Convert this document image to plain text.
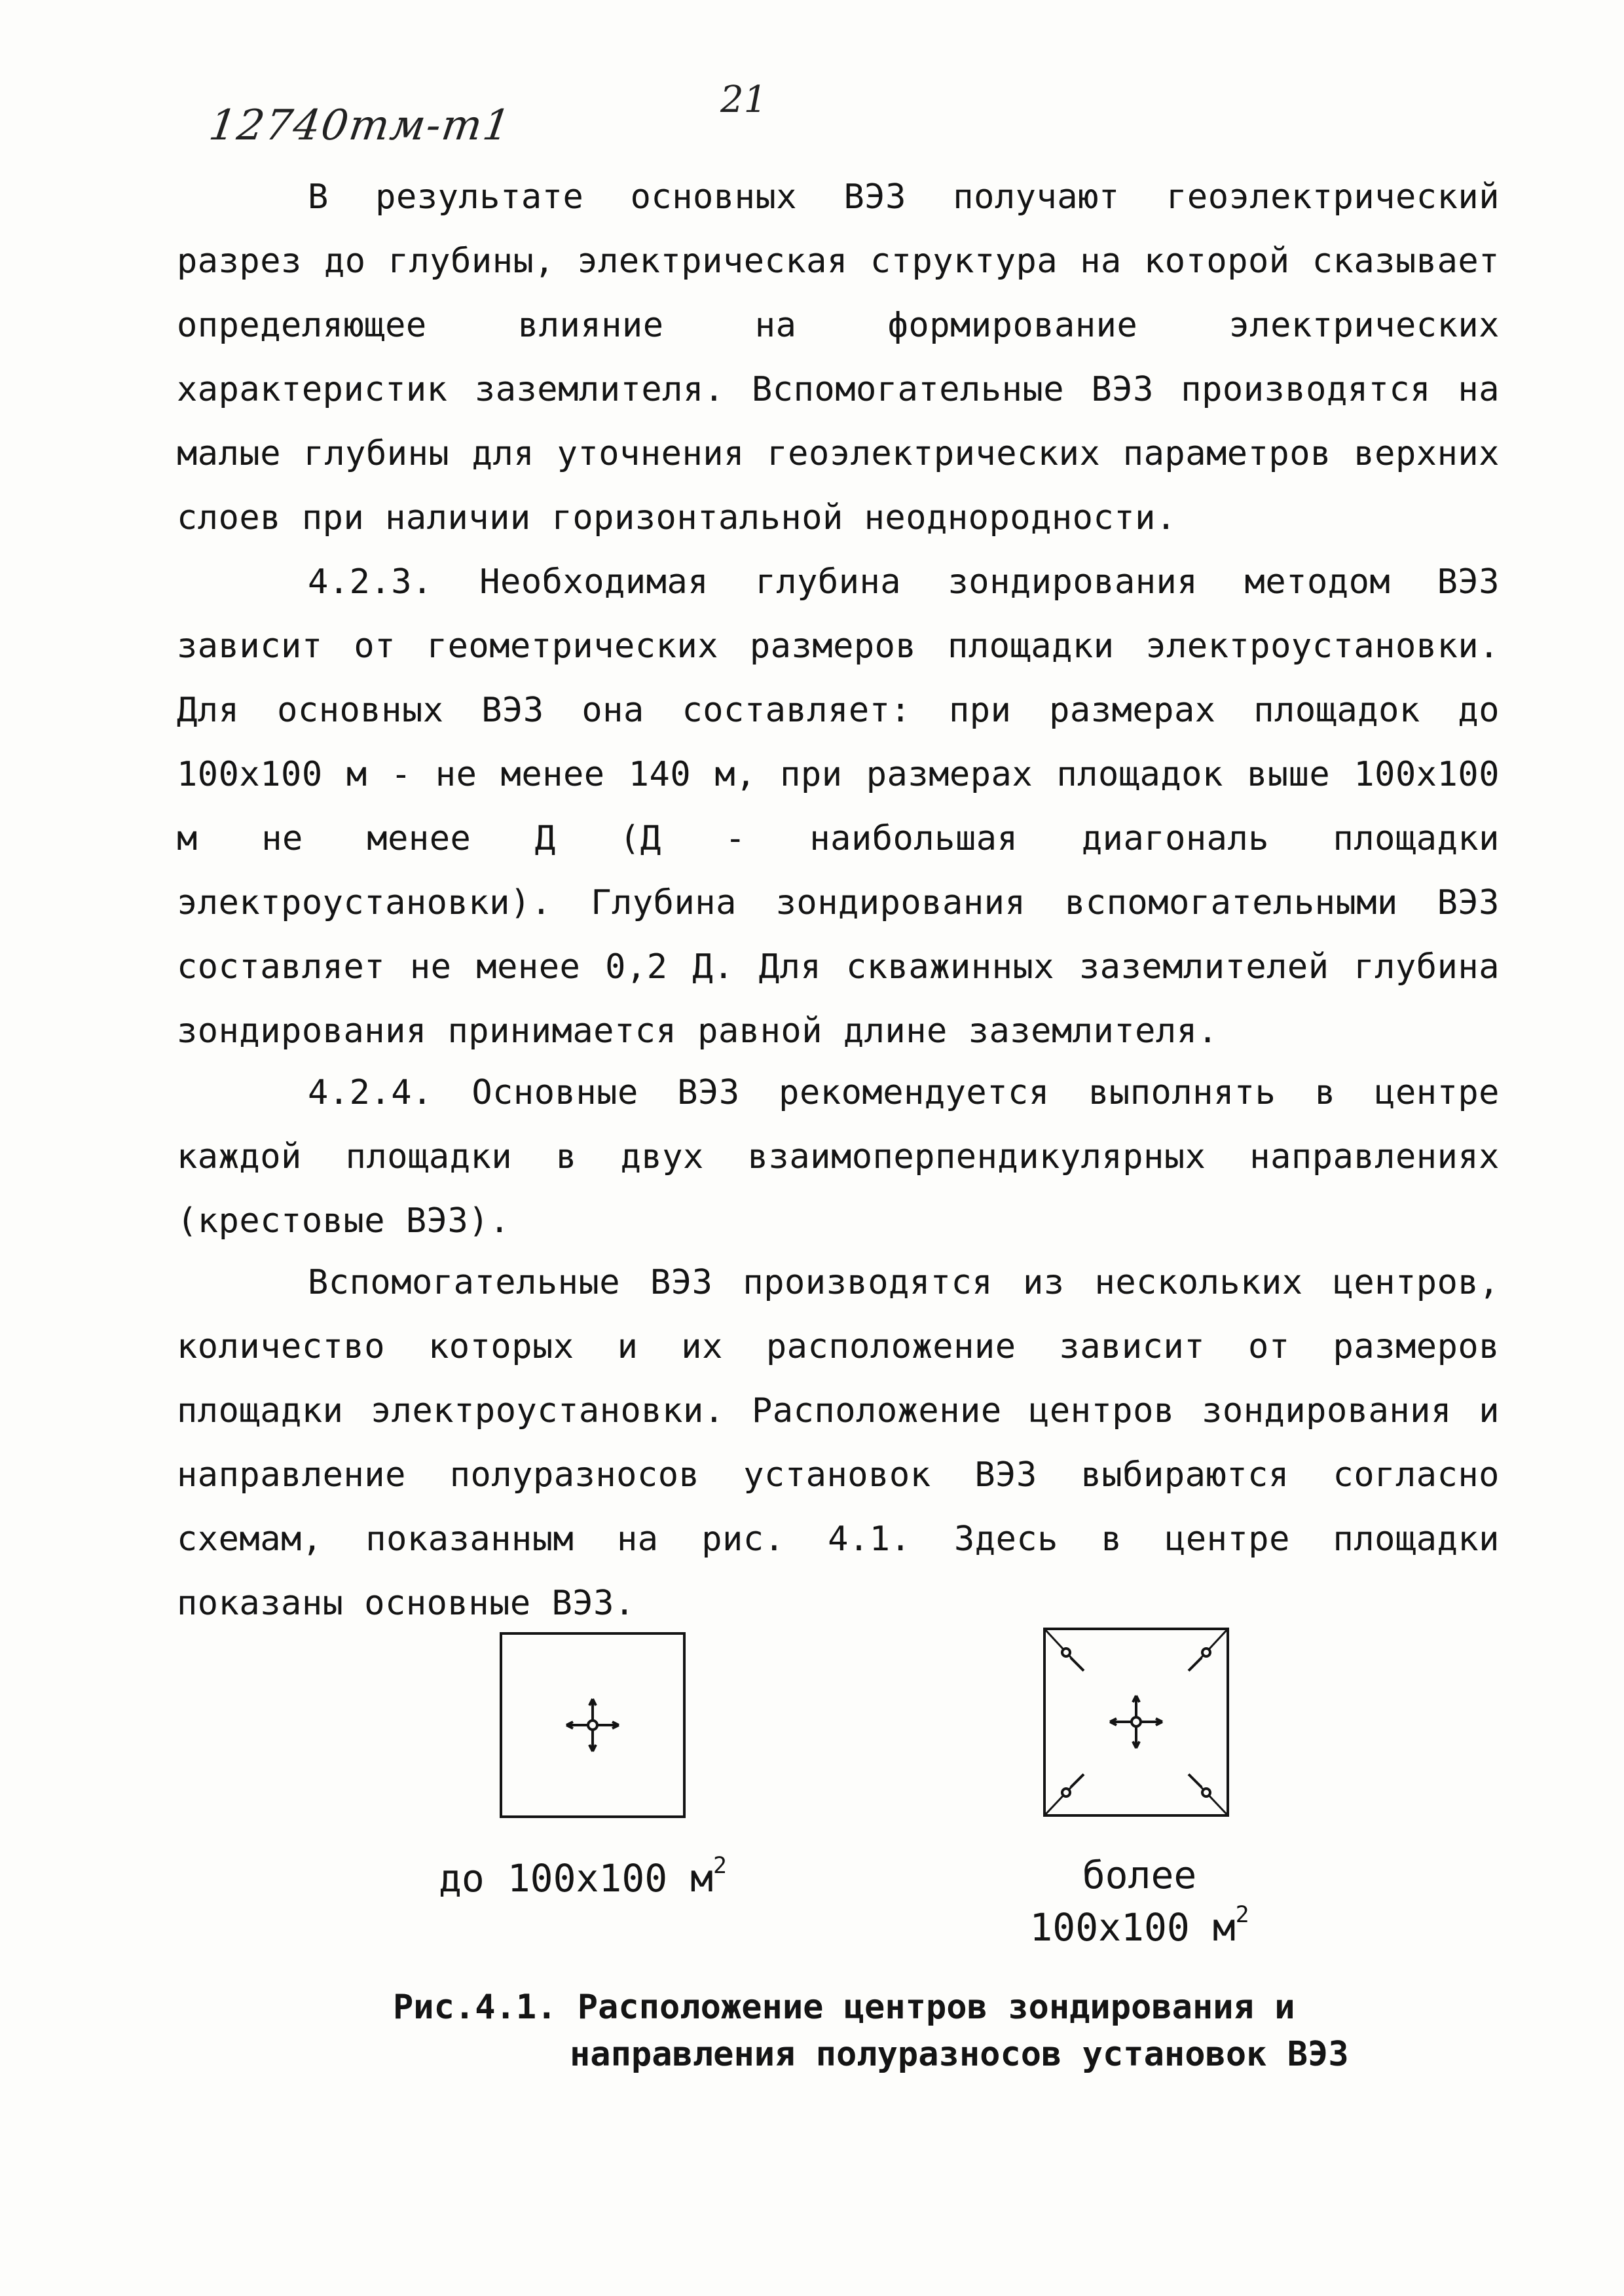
12740тм-т1
21

В результате основных ВЭЗ получают геоэлектрический разрез до глубины, электрическая структура на которой сказывает определяющее влияние на формирование электрических характеристик заземлителя. Вспомогательные ВЭЗ производятся на малые глубины для уточнения геоэлектрических параметров верхних слоев при наличии горизонтальной неоднородности.

4.2.3. Необходимая глубина зондирования методом ВЭЗ зависит от геометрических размеров площадки электроустановки. Для основных ВЭЗ она составляет: при размерах площадок до 100х100 м - не менее 140 м, при размерах площадок выше 100х100 м не менее Д (Д - наибольшая диагональ площадки электроустановки). Глубина зондирования вспомогательными ВЭЗ составляет не менее 0,2 Д. Для скважинных заземлителей глубина зондирования принимается равной длине заземлителя.

4.2.4. Основные ВЭЗ рекомендуется выполнять в центре каждой площадки в двух взаимоперпендикулярных направлениях (крестовые ВЭЗ).

Вспомогательные ВЭЗ производятся из нескольких центров, количество которых и их расположение зависит от размеров площадки электроустановки. Расположение центров зондирования и направление полуразносов установок ВЭЗ выбираются согласно схемам, показанным на рис. 4.1. Здесь в центре площадки показаны основные ВЭЗ.

до 100х100 $м^2$	более
100х100 $м^2$
Рис.4.1. Расположение центров зондирования и
направления полуразносов установок ВЭЗ
